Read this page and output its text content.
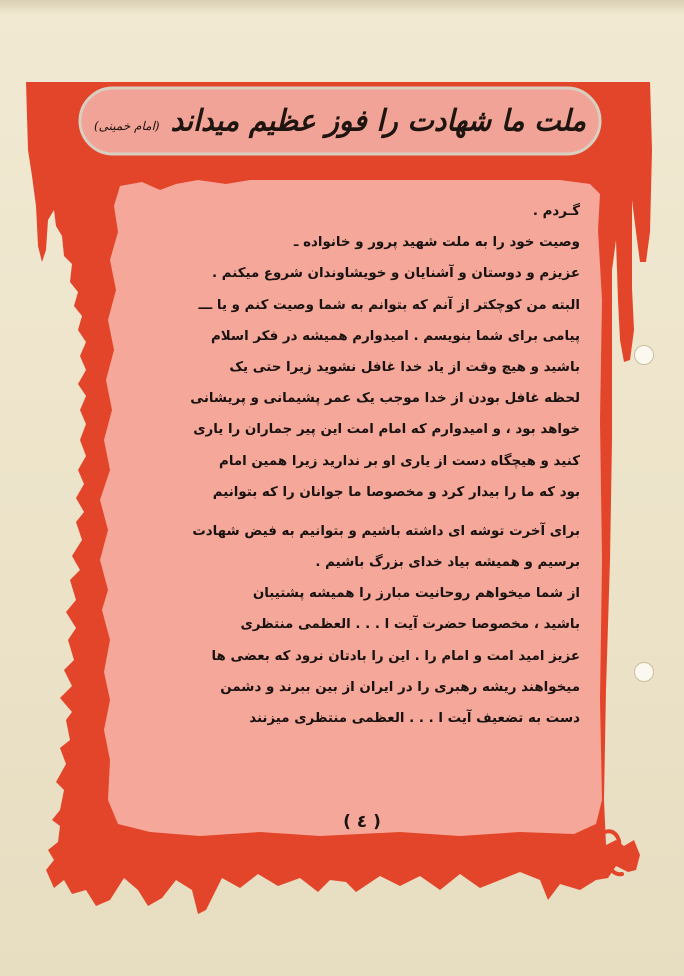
ملت ما شهادت را فوز عظیم میداند (امام خمینی)
گـردم .
وصیت خود را به ملت شهید پرور و خانواده ـ
عزیزم و دوستان و آشنایان و خویشاوندان شروع میکنم .
البته من کوچکتر از آنم که بتوانم به شما وصیت کنم و یا ـــ
پیامی برای شما بنویسم . امیدوارم همیشه در فکر اسلام
باشید و هیچ وقت از یاد خدا غافل نشوید زیرا حتی یک
لحظه غافل بودن از خدا موجب یک عمر پشیمانی و پریشانی
خواهد بود ، و امیدوارم که امام امت این پیر جماران را یاری
کنید و هیچگاه دست از یاری او بر ندارید زیرا همین امام
بود که ما را بیدار کرد و مخصوصا ما جوانان را که بتوانیم
برای آخرت توشه ای داشته باشیم و بتوانیم به فیض شهادت
برسیم و همیشه بیاد خدای بزرگ باشیم .
از شما میخواهم روحانیت مبارز را همیشه پشتیبان
باشید ، مخصوصا حضرت آیت ا . . . العظمی منتظری
عزیز امید امت و امام را . این را بادتان نرود که بعضی ها
میخواهند ریشه رهبری را در ایران از بین ببرند و دشمن
دست به تضعیف آیت ا . . . العظمی منتظری میزنند
( ٤ )
